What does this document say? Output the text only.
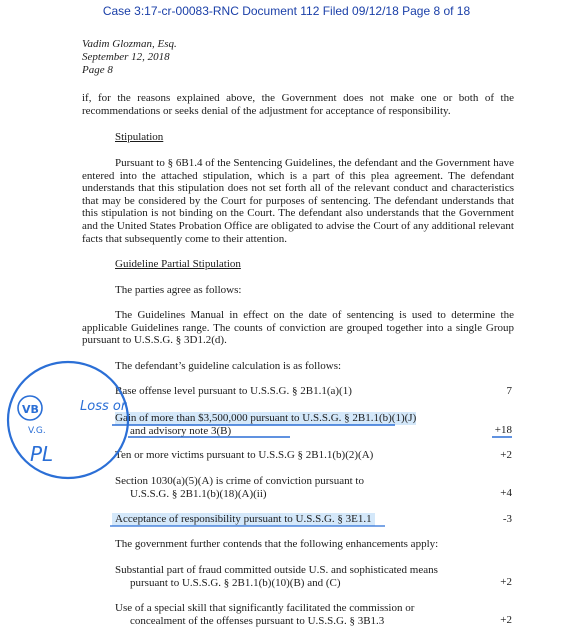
Case 3:17-cr-00083-RNC Document 112 Filed 09/12/18 Page 8 of 18
Vadim Glozman, Esq.
September 12, 2018
Page 8
if, for the reasons explained above, the Government does not make one or both of the recommendations or seeks denial of the adjustment for acceptance of responsibility.
Stipulation
Pursuant to § 6B1.4 of the Sentencing Guidelines, the defendant and the Government have entered into the attached stipulation, which is a part of this plea agreement. The defendant understands that this stipulation does not set forth all of the relevant conduct and characteristics that may be considered by the Court for purposes of sentencing. The defendant understands that this stipulation is not binding on the Court. The defendant also understands that the Government and the United States Probation Office are obligated to advise the Court of any additional relevant facts that subsequently come to their attention.
Guideline Partial Stipulation
The parties agree as follows:
The Guidelines Manual in effect on the date of sentencing is used to determine the applicable Guidelines range. The counts of conviction are grouped together into a single Group pursuant to U.S.S.G. § 3D1.2(d).
The defendant’s guideline calculation is as follows:
Base offense level pursuant to U.S.S.G. § 2B1.1(a)(1)	7
Gain of more than $3,500,000 pursuant to U.S.S.G. § 2B1.1(b)(1)(J)
and advisory note 3(B)	+18
Ten or more victims pursuant to U.S.S.G § 2B1.1(b)(2)(A)	+2
Section 1030(a)(5)(A) is crime of conviction pursuant to
U.S.S.G. § 2B1.1(b)(18)(A)(ii)	+4
Acceptance of responsibility pursuant to U.S.S.G. § 3E1.1	-3
The government further contends that the following enhancements apply:
Substantial part of fraud committed outside U.S. and sophisticated means
pursuant to U.S.S.G. § 2B1.1(b)(10)(B) and (C)	+2
Use of a special skill that significantly facilitated the commission or
concealment of the offenses pursuant to U.S.S.G. § 3B1.3	+2
VB	Loss or
V.G.
PL
